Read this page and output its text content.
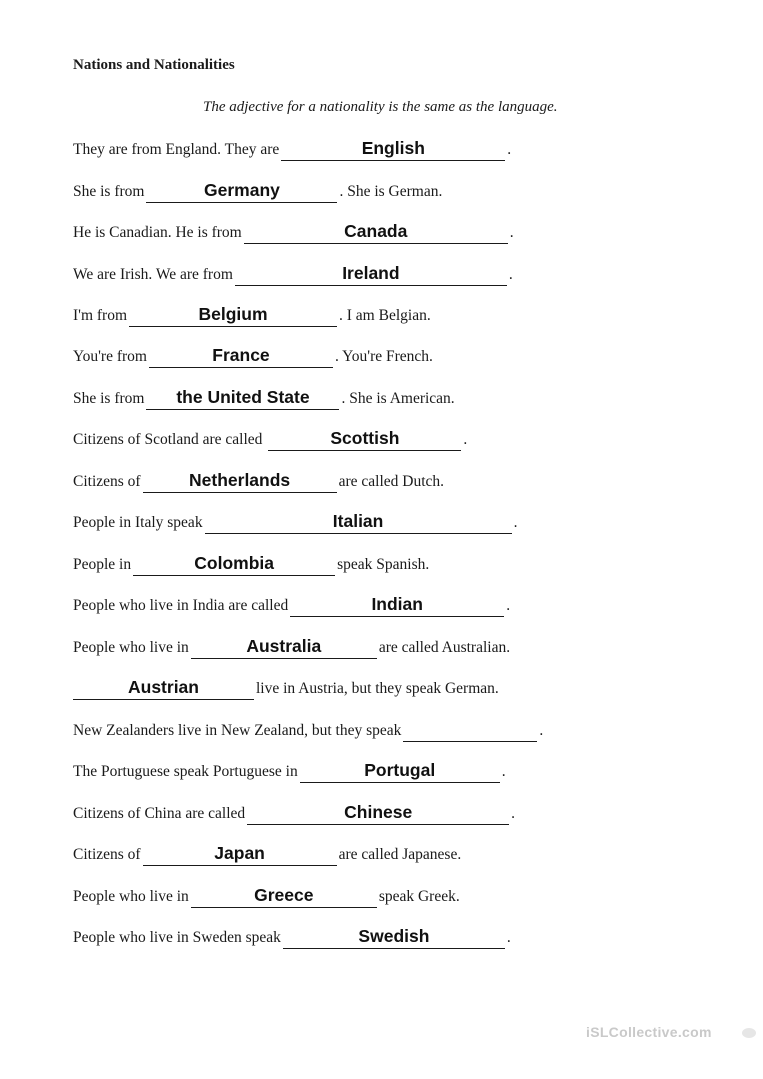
Nations and Nationalities
The adjective for a nationality is the same as the language.
They are from England. They are	English	.
She is from	Germany	. She is German.
He is Canadian. He is from	Canada	.
We are Irish. We are from	Ireland	.
I'm from	Belgium	. I am Belgian.
You're from	France	. You're French.
She is from	the United State	. She is American.
Citizens of Scotland are called	Scottish	.
Citizens of	Netherlands	are called Dutch.
People in Italy speak	Italian	.
People in	Colombia	speak Spanish.
People who live in India are called	Indian	.
People who live in	Australia	are called Australian.
Austrian	live in Austria, but they speak German.
New Zealanders live in New Zealand, but they speak	.
The Portuguese speak Portuguese in	Portugal	.
Citizens of China are called	Chinese	.
Citizens of	Japan	are called Japanese.
People who live in	Greece	speak Greek.
People who live in Sweden speak	Swedish	.
iSLCollective.com
